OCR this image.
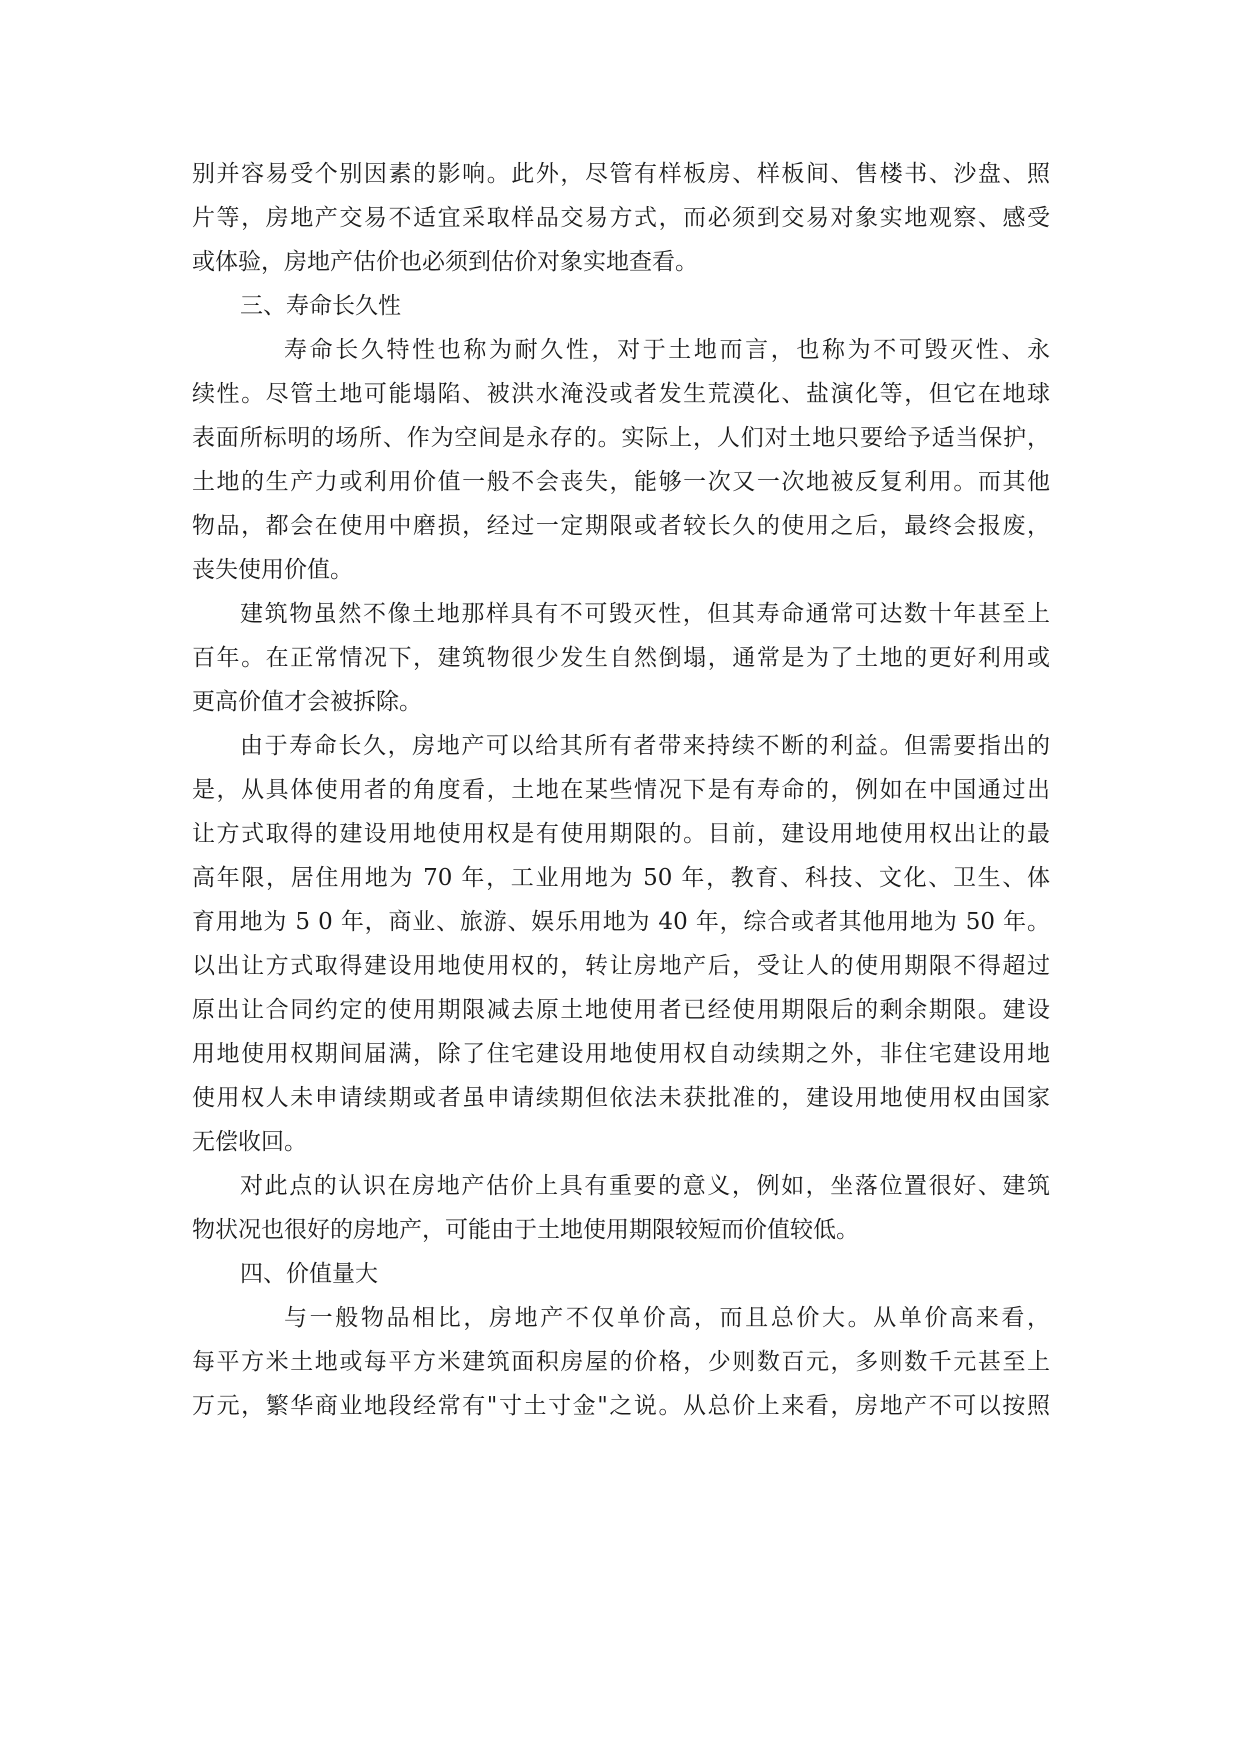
别并容易受个别因素的影响。此外，尽管有样板房、样板间、售楼书、沙盘、照
片等，房地产交易不适宜采取样品交易方式，而必须到交易对象实地观察、感受
或体验，房地产估价也必须到估价对象实地查看。
三、寿命长久性
寿命长久特性也称为耐久性，对于土地而言，也称为不可毁灭性、永
续性。尽管土地可能塌陷、被洪水淹没或者发生荒漠化、盐演化等，但它在地球
表面所标明的场所、作为空间是永存的。实际上，人们对土地只要给予适当保护，
土地的生产力或利用价值一般不会丧失，能够一次又一次地被反复利用。而其他
物品，都会在使用中磨损，经过一定期限或者较长久的使用之后，最终会报废，
丧失使用价值。
建筑物虽然不像土地那样具有不可毁灭性，但其寿命通常可达数十年甚至上
百年。在正常情况下，建筑物很少发生自然倒塌，通常是为了土地的更好利用或
更高价值才会被拆除。
由于寿命长久，房地产可以给其所有者带来持续不断的利益。但需要指出的
是，从具体使用者的角度看，土地在某些情况下是有寿命的，例如在中国通过出
让方式取得的建设用地使用权是有使用期限的。目前，建设用地使用权出让的最
高年限，居住用地为 70 年，工业用地为 50 年，教育、科技、文化、卫生、体
育用地为 5 0 年，商业、旅游、娱乐用地为 40 年，综合或者其他用地为 50 年。
以出让方式取得建设用地使用权的，转让房地产后，受让人的使用期限不得超过
原出让合同约定的使用期限减去原土地使用者已经使用期限后的剩余期限。建设
用地使用权期间届满，除了住宅建设用地使用权自动续期之外，非住宅建设用地
使用权人未申请续期或者虽申请续期但依法未获批准的，建设用地使用权由国家
无偿收回。
对此点的认识在房地产估价上具有重要的意义，例如，坐落位置很好、建筑
物状况也很好的房地产，可能由于土地使用期限较短而价值较低。
四、价值量大
与一般物品相比，房地产不仅单价高，而且总价大。从单价高来看，
每平方米土地或每平方米建筑面积房屋的价格，少则数百元，多则数千元甚至上
万元，繁华商业地段经常有"寸土寸金"之说。从总价上来看，房地产不可以按照
